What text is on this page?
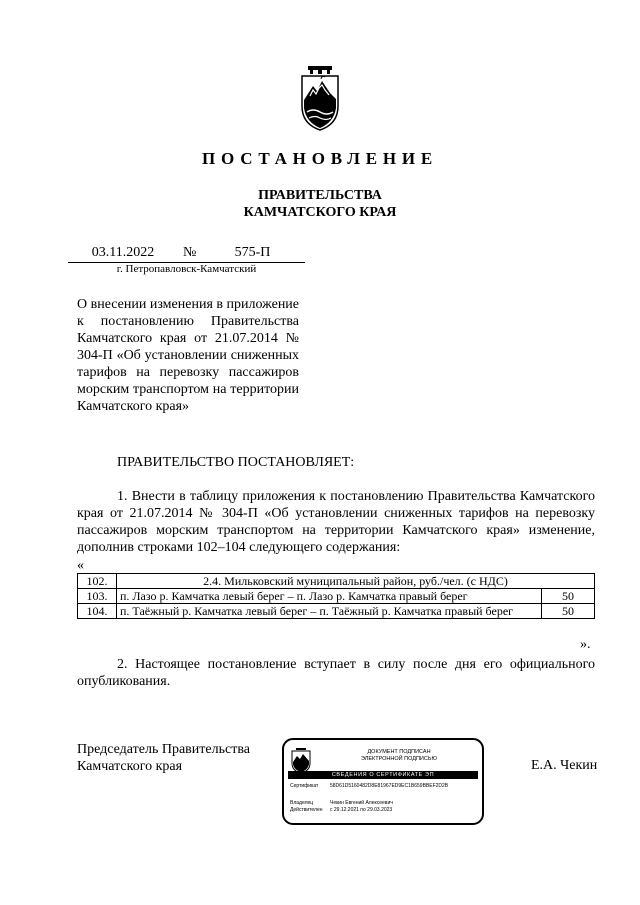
ПОСТАНОВЛЕНИЕ
ПРАВИТЕЛЬСТВА
КАМЧАТСКОГО КРАЯ
03.11.2022	№	575-П
г. Петропавловск-Камчатский
О внесении изменения в приложение к постановлению Правительства Камчатского края от 21.07.2014 № 304-П «Об установлении сниженных тарифов на перевозку пассажиров морским транспортом на территории Камчатского края»
ПРАВИТЕЛЬСТВО ПОСТАНОВЛЯЕТ:
1. Внести в таблицу приложения к постановлению Правительства Камчатского края от 21.07.2014 № 304-П «Об установлении сниженных тарифов на перевозку пассажиров морским транспортом на территории Камчатского края» изменение, дополнив строками 102–104 следующего содержания:
«
102.	2.4. Мильковский муниципальный район, руб./чел. (с НДС)	
103.	п. Лазо р. Камчатка левый берег – п. Лазо р. Камчатка правый берег	50
104.	п. Таёжный р. Камчатка левый берег – п. Таёжный р. Камчатка правый берег	50
».
2. Настоящее постановление вступает в силу после дня его официального опубликования.
Председатель Правительства
Камчатского края	Е.А. Чекин
ДОКУМЕНТ ПОДПИСАН
ЭЛЕКТРОННОЙ ПОДПИСЬЮ
СВЕДЕНИЯ О СЕРТИФИКАТЕ ЭП
Сертификат 58D61D5160482D8E81967ED9ЕС1В659ВВЕF2D2В
Владелец	Чекин Евгений Алексеевич
Действителен с 29.12.2021 по 29.03.2023
